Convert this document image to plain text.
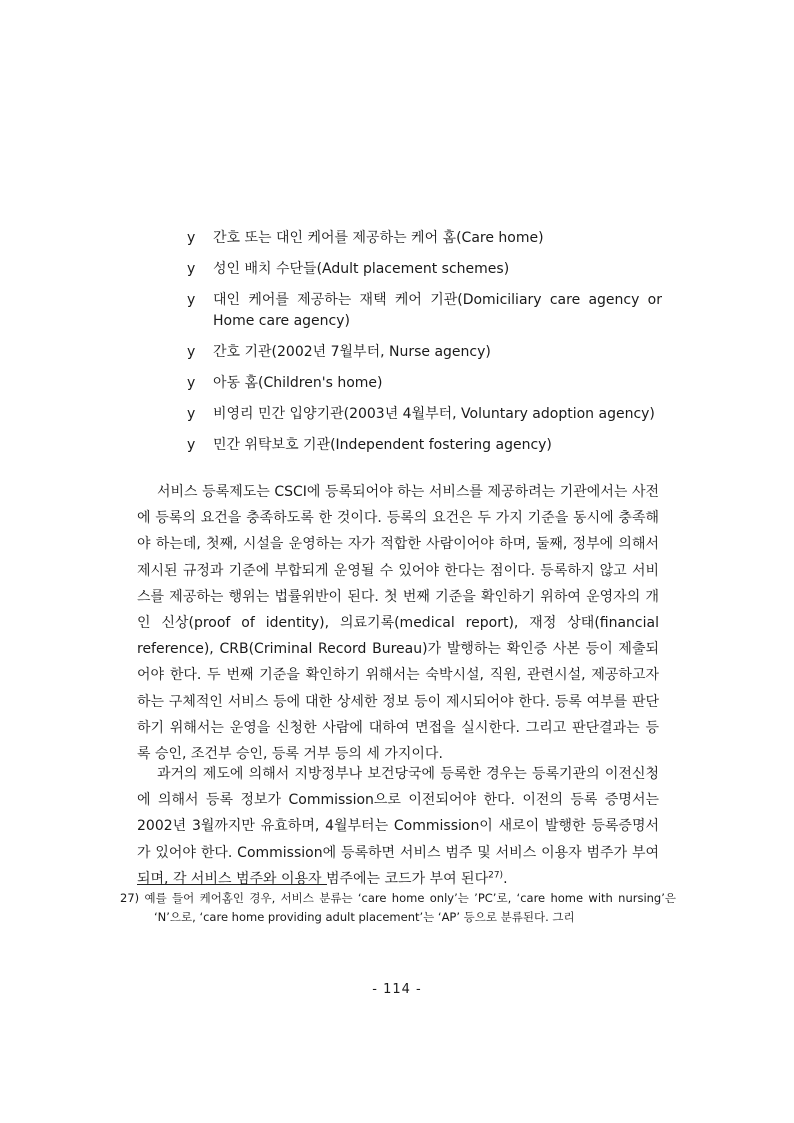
y	간호 또는 대인 케어를 제공하는 케어 홈(Care home)
y	성인 배치 수단들(Adult placement schemes)
y	대인 케어를 제공하는 재택 케어 기관(Domiciliary care agency or Home care agency)
y	간호 기관(2002년 7월부터, Nurse agency)
y	아동 홈(Children's home)
y	비영리 민간 입양기관(2003년 4월부터, Voluntary adoption agency)
y	민간 위탁보호 기관(Independent fostering agency)

서비스 등록제도는 CSCI에 등록되어야 하는 서비스를 제공하려는 기관에서는 사전에 등록의 요건을 충족하도록 한 것이다. 등록의 요건은 두 가지 기준을 동시에 충족해야 하는데, 첫째, 시설을 운영하는 자가 적합한 사람이어야 하며, 둘째, 정부에 의해서 제시된 규정과 기준에 부합되게 운영될 수 있어야 한다는 점이다. 등록하지 않고 서비스를 제공하는 행위는 법률위반이 된다. 첫 번째 기준을 확인하기 위하여 운영자의 개인 신상(proof of identity), 의료기록(medical report), 재정 상태(financial reference), CRB(Criminal Record Bureau)가 발행하는 확인증 사본 등이 제출되어야 한다. 두 번째 기준을 확인하기 위해서는 숙박시설, 직원, 관련시설, 제공하고자하는 구체적인 서비스 등에 대한 상세한 정보 등이 제시되어야 한다. 등록 여부를 판단하기 위해서는 운영을 신청한 사람에 대하여 면접을 실시한다. 그리고 판단결과는 등록 승인, 조건부 승인, 등록 거부 등의 세 가지이다.

과거의 제도에 의해서 지방정부나 보건당국에 등록한 경우는 등록기관의 이전신청에 의해서 등록 정보가 Commission으로 이전되어야 한다. 이전의 등록 증명서는 2002년 3월까지만 유효하며, 4월부터는 Commission이 새로이 발행한 등록증명서가 있어야 한다. Commission에 등록하면 서비스 범주 및 서비스 이용자 범주가 부여되며, 각 서비스 범주와 이용자 범주에는 코드가 부여 된다$^{27)}$.

27) 예를 들어 케어홈인 경우, 서비스 분류는 ‘care home only’는 ’PC’로, ‘care home with nursing’은 ‘N’으로, ‘care home providing adult placement’는 ‘AP’ 등으로 분류된다. 그리

- 114 -
